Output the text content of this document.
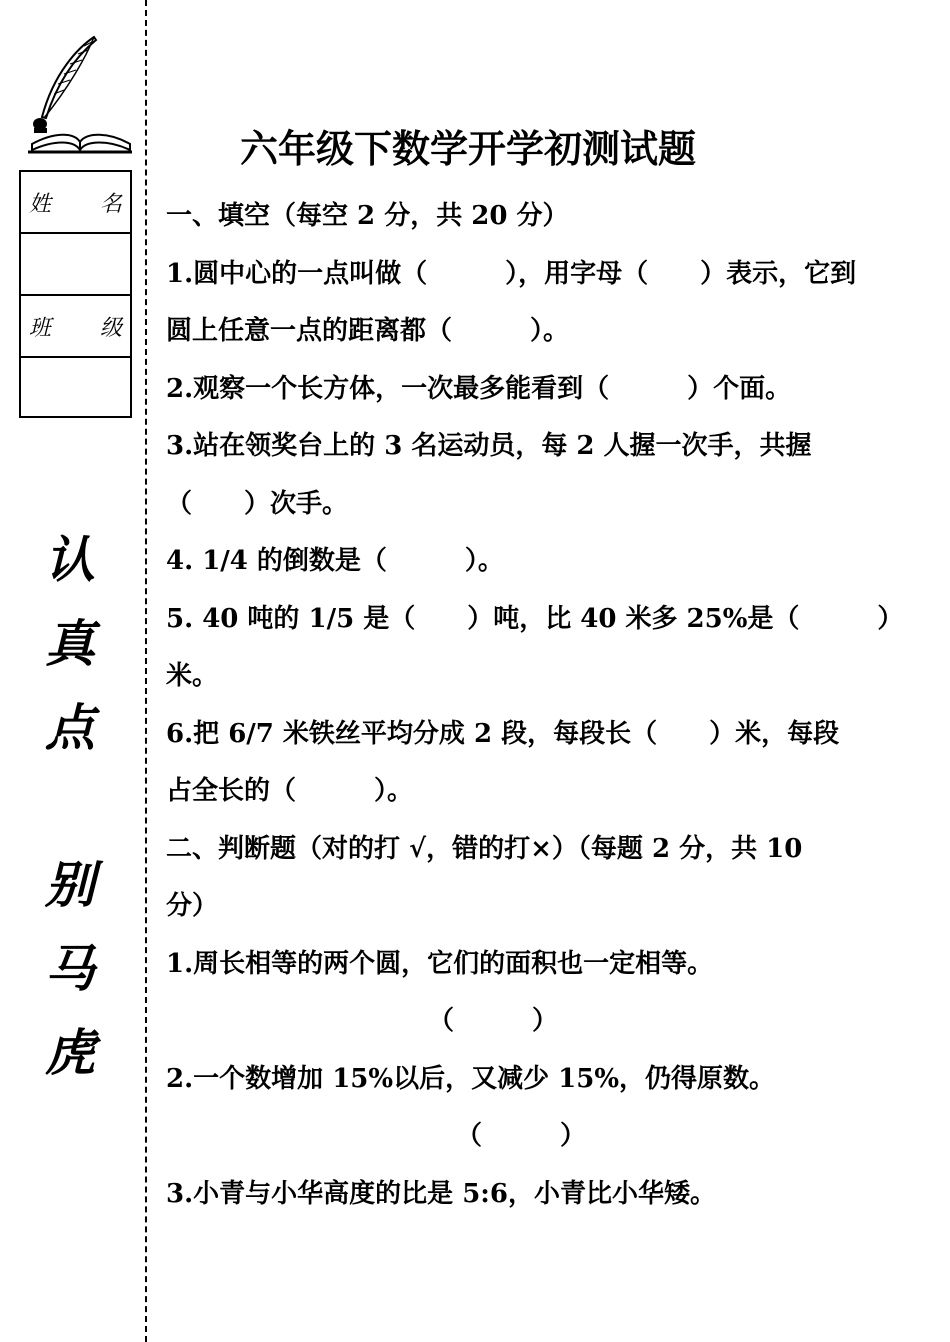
姓 名
班 级
认
真
点
别
马
虎
六年级下数学开学初测试题
一、填空（每空 2 分，共 20 分）
1.圆中心的一点叫做（　　　），用字母（　　）表示，它到
圆上任意一点的距离都（　　　）。
2.观察一个长方体，一次最多能看到（　　　）个面。
3.站在领奖台上的 3 名运动员，每 2 人握一次手，共握
（　　）次手。
4. 1/4 的倒数是（　　　）。
5. 40 吨的 1/5 是（　　）吨，比 40 米多 25%是（　　　）
米。
6.把 6/7 米铁丝平均分成 2 段，每段长（　　）米，每段
占全长的（　　　）。
二、判断题（对的打 √，错的打×）（每题 2 分，共 10
分）
1.周长相等的两个圆，它们的面积也一定相等。
（　　　）
2.一个数增加 15%以后，又减少 15%，仍得原数。
（　　　）
3.小青与小华高度的比是 5:6，小青比小华矮。
